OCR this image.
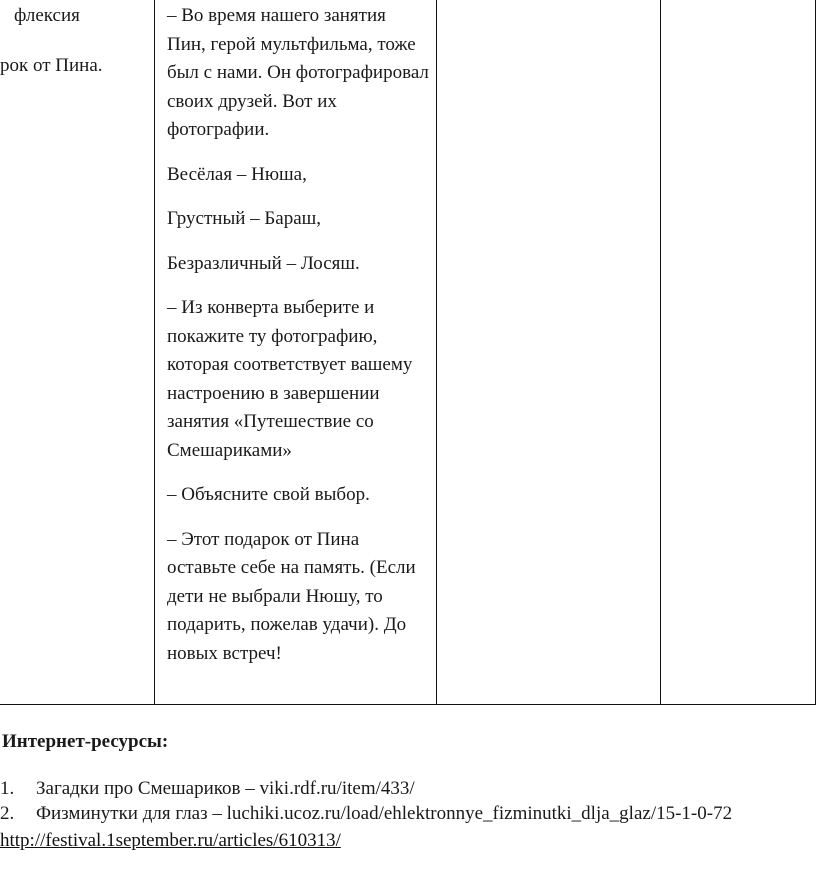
флексия

рок от Пина.

– Во время нашего занятия Пин, герой мультфильма, тоже был с нами. Он фотографировал своих друзей. Вот их фотографии.

Весёлая – Нюша,

Грустный – Бараш,

Безразличный – Лосяш.

– Из конверта выберите и покажите ту фотографию, которая соответствует вашему настроению в завершении занятия «Путешествие со Смешариками»

– Объясните свой выбор.

– Этот подарок от Пина оставьте себе на память. (Если дети не выбрали Нюшу, то подарить, пожелав удачи). До новых встреч!

Интернет-ресурсы:

1.	Загадки про Смешариков – viki.rdf.ru/item/433/
2.	Физминутки для глаз – luchiki.ucoz.ru/load/ehlektronnye_fizminutki_dlja_glaz/15-1-0-72
http://festival.1september.ru/articles/610313/
